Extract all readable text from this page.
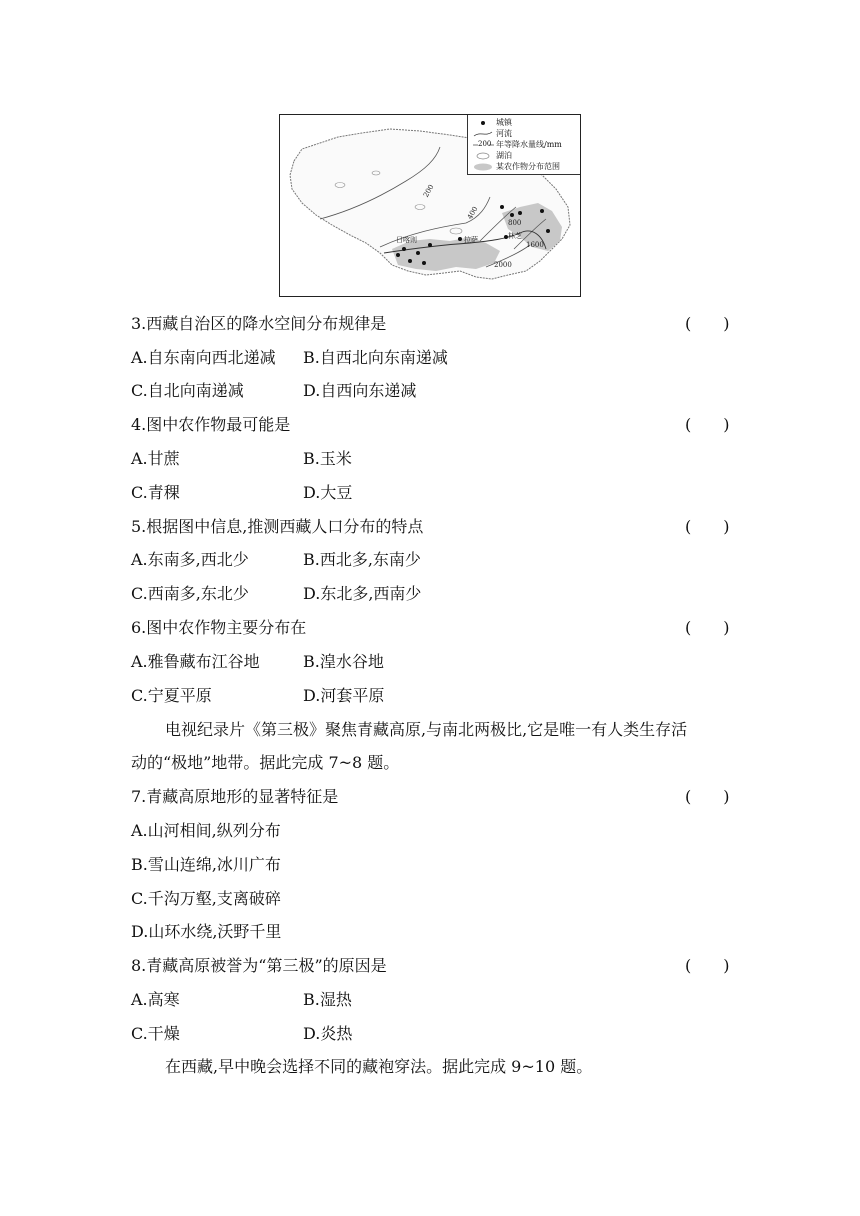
200
400
800
1600
2000
日喀则	拉萨	林芝
城镇
河流
200 年等降水量线/mm
湖泊
某农作物分布范围
3.西藏自治区的降水空间分布规律是	(　　)
A.自东南向西北递减 B.自西北向东南递减
C.自北向南递减	D.自西向东递减
4.图中农作物最可能是	(　　)
A.甘蔗	B.玉米
C.青稞	D.大豆
5.根据图中信息,推测西藏人口分布的特点	(　　)
A.东南多,西北少	B.西北多,东南少
C.西南多,东北少	D.东北多,西南少
6.图中农作物主要分布在	(　　)
A.雅鲁藏布江谷地	B.湟水谷地
C.宁夏平原	D.河套平原
电视纪录片《第三极》聚焦青藏高原,与南北两极比,它是唯一有人类生存活
动的“极地”地带。据此完成 7~8 题。
7.青藏高原地形的显著特征是	(　　)
A.山河相间,纵列分布
B.雪山连绵,冰川广布
C.千沟万壑,支离破碎
D.山环水绕,沃野千里
8.青藏高原被誉为“第三极”的原因是	(　　)
A.高寒	B.湿热
C.干燥	D.炎热
在西藏,早中晚会选择不同的藏袍穿法。据此完成 9~10 题。
